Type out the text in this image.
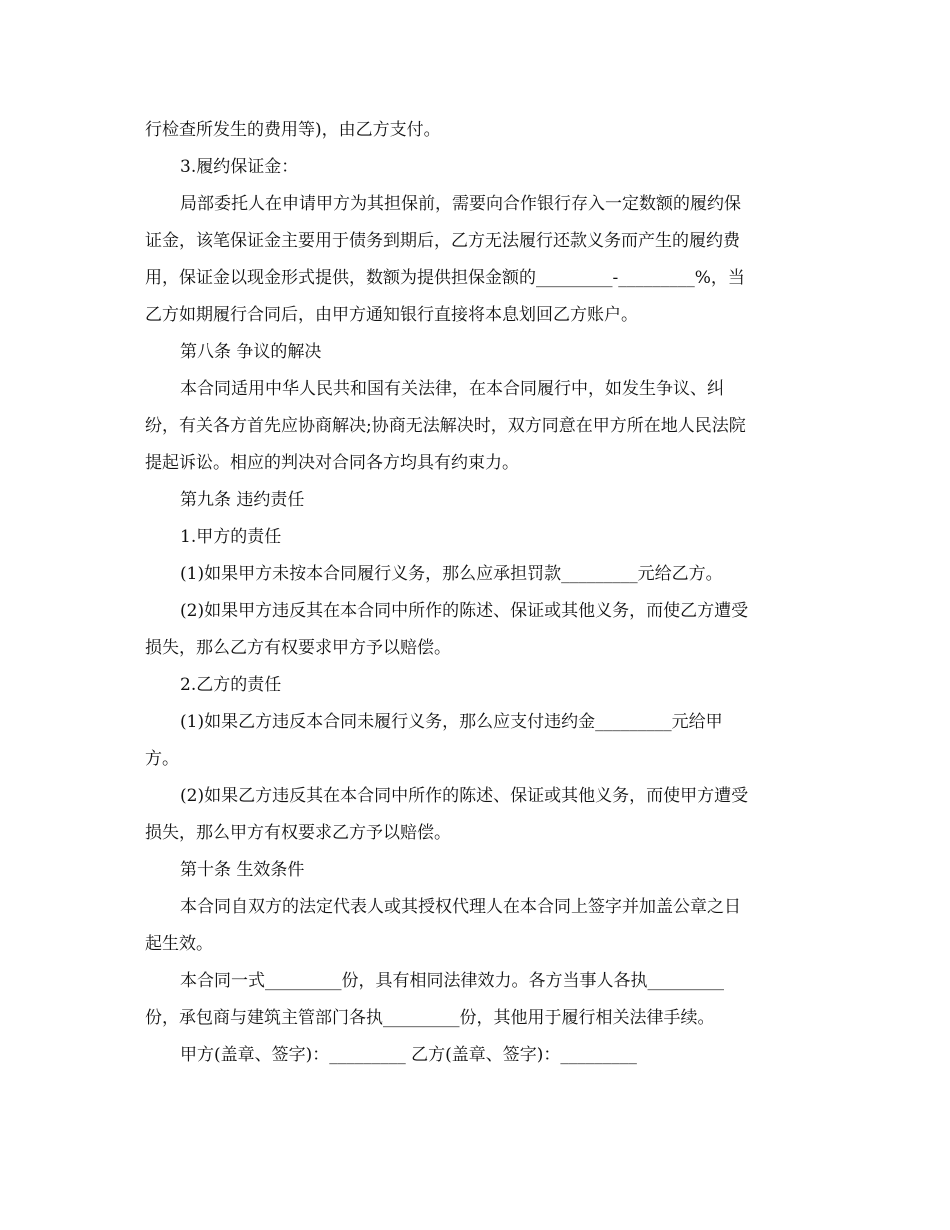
行检查所发生的费用等)，由乙方支付。
3.履约保证金：
局部委托人在申请甲方为其担保前，需要向合作银行存入一定数额的履约保
证金，该笔保证金主要用于债务到期后，乙方无法履行还款义务而产生的履约费
用，保证金以现金形式提供，数额为提供担保金额的_________-_________%，当
乙方如期履行合同后，由甲方通知银行直接将本息划回乙方账户。
第八条 争议的解决
本合同适用中华人民共和国有关法律，在本合同履行中，如发生争议、纠
纷，有关各方首先应协商解决;协商无法解决时，双方同意在甲方所在地人民法院
提起诉讼。相应的判决对合同各方均具有约束力。
第九条 违约责任
1.甲方的责任
(1)如果甲方未按本合同履行义务，那么应承担罚款_________元给乙方。
(2)如果甲方违反其在本合同中所作的陈述、保证或其他义务，而使乙方遭受
损失，那么乙方有权要求甲方予以赔偿。
2.乙方的责任
(1)如果乙方违反本合同未履行义务，那么应支付违约金_________元给甲
方。
(2)如果乙方违反其在本合同中所作的陈述、保证或其他义务，而使甲方遭受
损失，那么甲方有权要求乙方予以赔偿。
第十条 生效条件
本合同自双方的法定代表人或其授权代理人在本合同上签字并加盖公章之日
起生效。
本合同一式_________份，具有相同法律效力。各方当事人各执_________
份，承包商与建筑主管部门各执_________份，其他用于履行相关法律手续。
甲方(盖章、签字)：_________ 乙方(盖章、签字)：_________
